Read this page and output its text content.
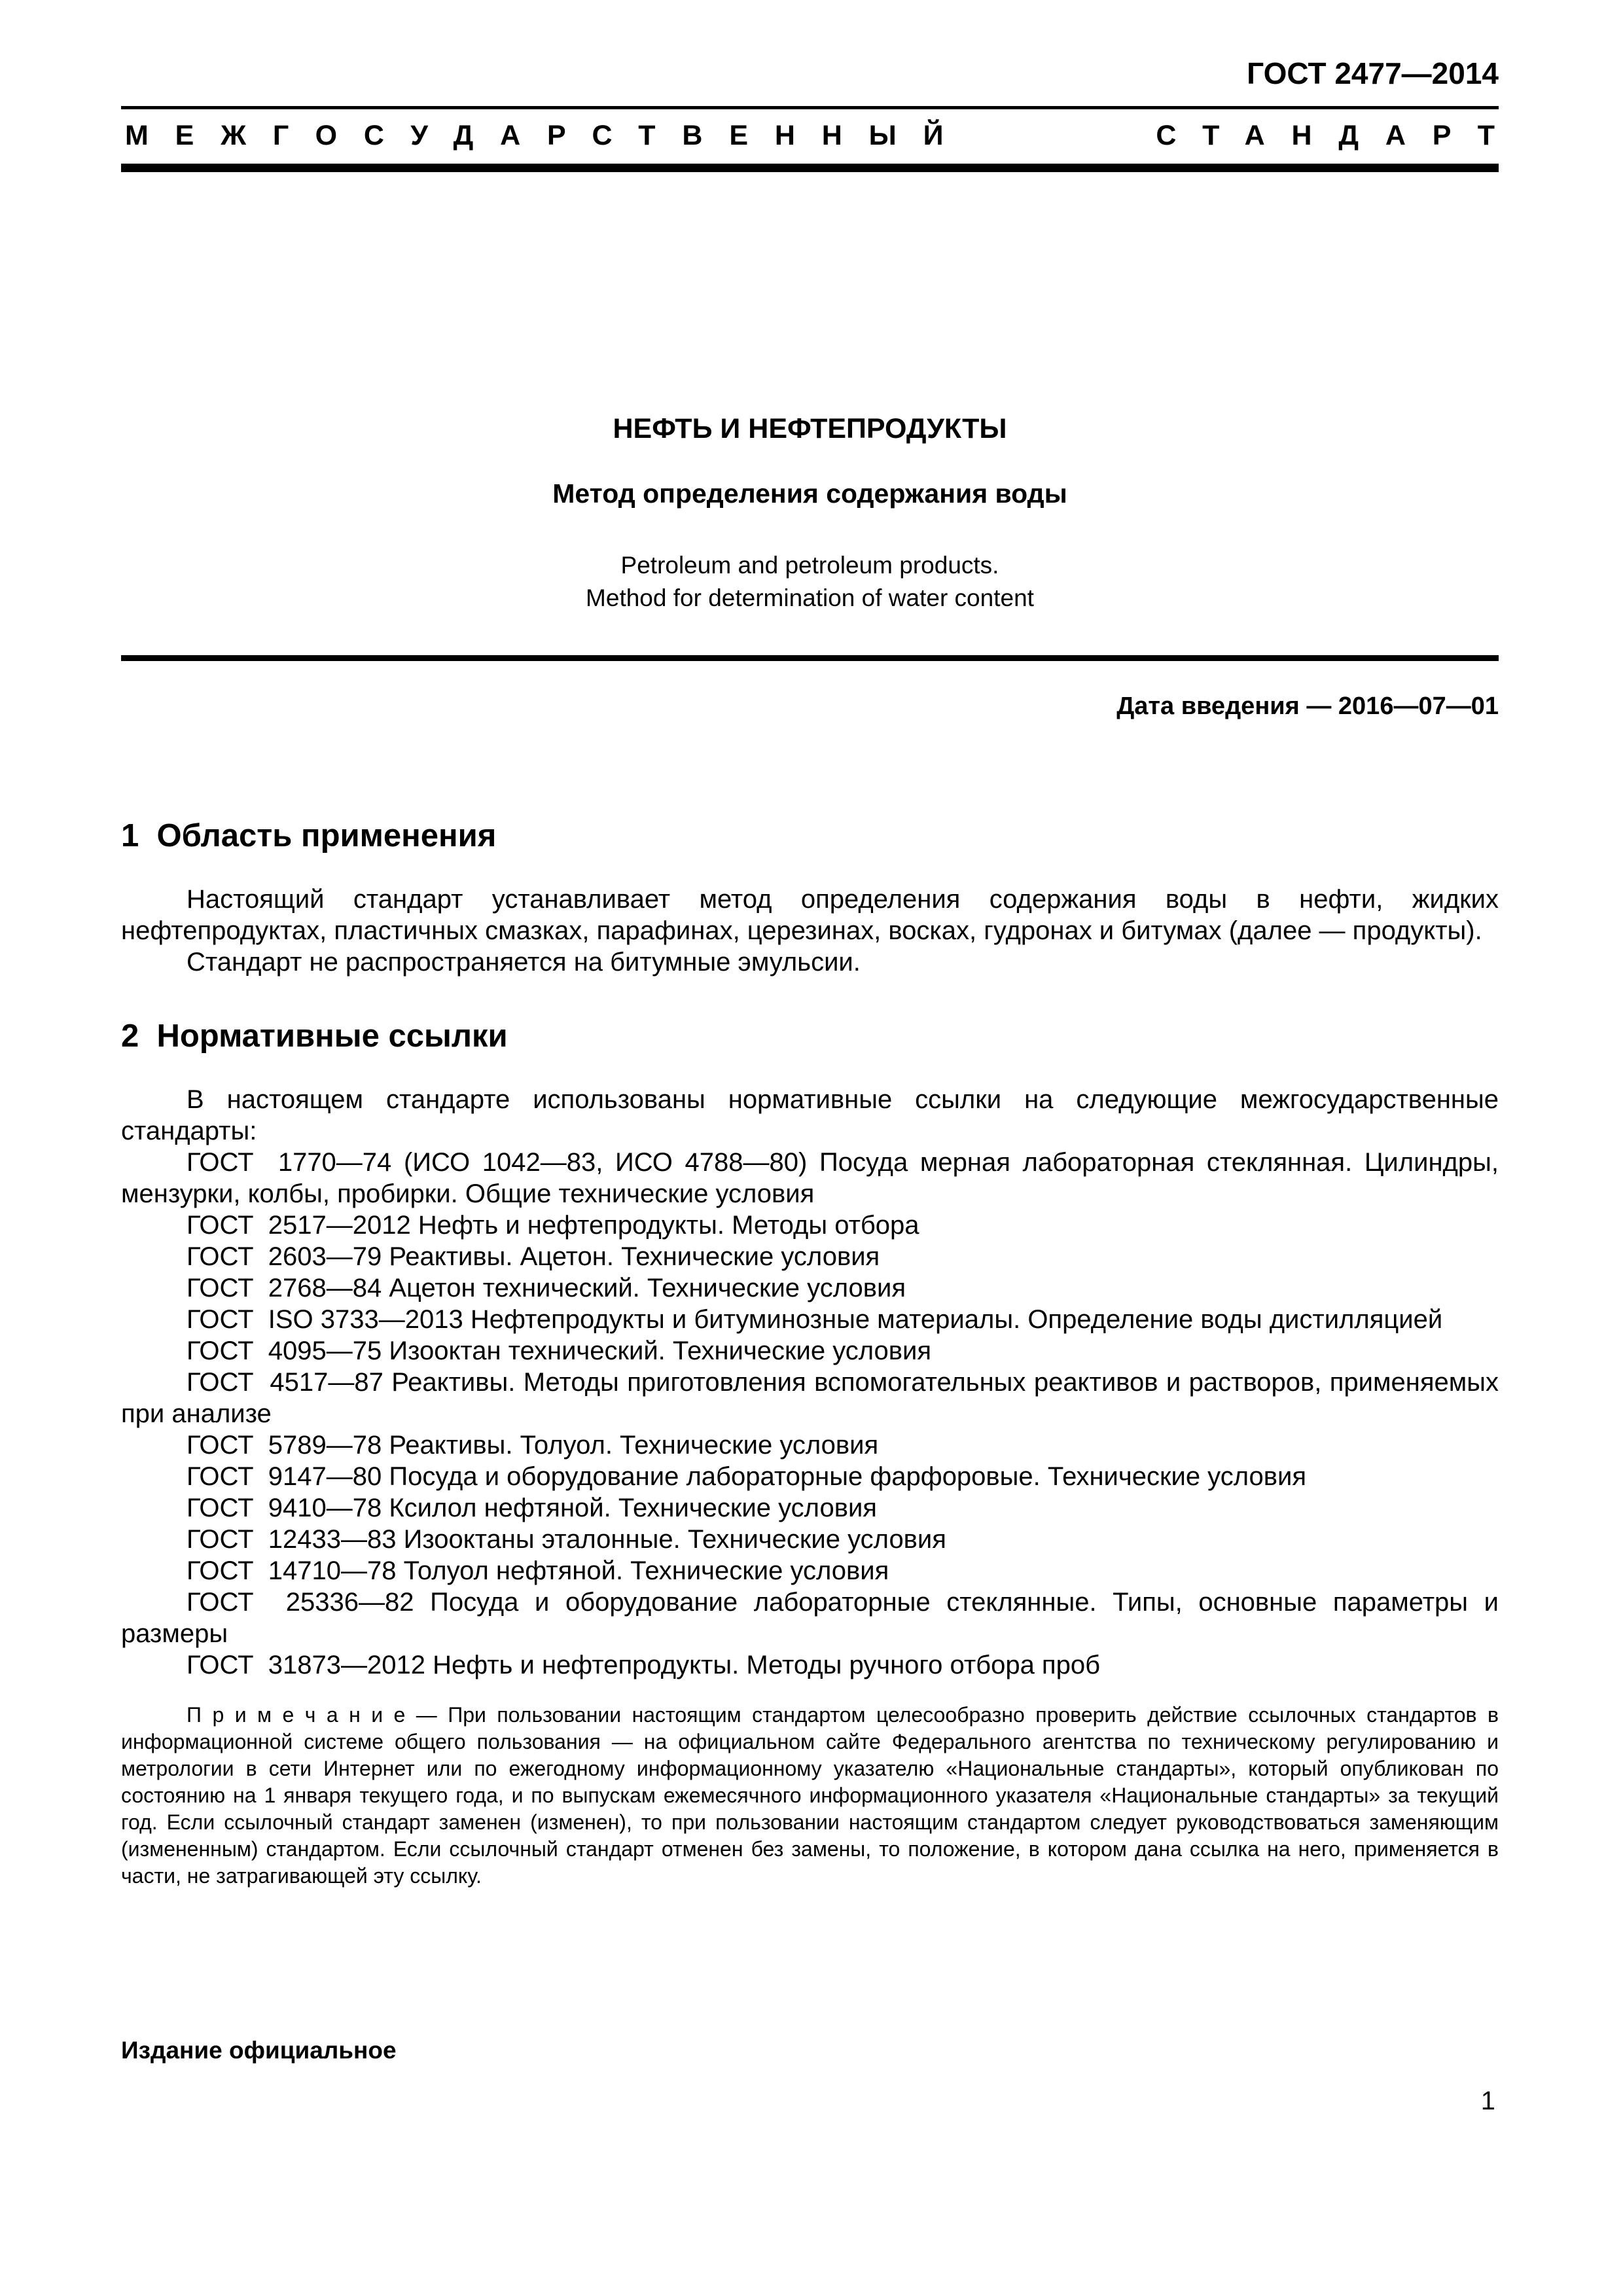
ГОСТ 2477—2014
МЕЖГОСУДАРСТВЕННЫЙ	СТАНДАРТ
НЕФТЬ И НЕФТЕПРОДУКТЫ
Метод определения содержания воды
Petroleum and petroleum products.
Method for determination of water content
Дата введения — 2016—07—01
1  Область применения

Настоящий стандарт устанавливает метод определения содержания воды в нефти, жидких нефтепродуктах, пластичных смазках, парафинах, церезинах, восках, гудронах и битумах (далее — продукты).

Стандарт не распространяется на битумные эмульсии.

2  Нормативные ссылки

В настоящем стандарте использованы нормативные ссылки на следующие межгосударственные стандарты:

ГОСТ  1770—74 (ИСО 1042—83, ИСО 4788—80) Посуда мерная лабораторная стеклянная. Цилиндры, мензурки, колбы, пробирки. Общие технические условия

ГОСТ  2517—2012 Нефть и нефтепродукты. Методы отбора

ГОСТ  2603—79 Реактивы. Ацетон. Технические условия

ГОСТ  2768—84 Ацетон технический. Технические условия

ГОСТ  ISO 3733—2013 Нефтепродукты и битуминозные материалы. Определение воды дистилляцией

ГОСТ  4095—75 Изооктан технический. Технические условия

ГОСТ  4517—87 Реактивы. Методы приготовления вспомогательных реактивов и растворов, применяемых при анализе

ГОСТ  5789—78 Реактивы. Толуол. Технические условия

ГОСТ  9147—80 Посуда и оборудование лабораторные фарфоровые. Технические условия

ГОСТ  9410—78 Ксилол нефтяной. Технические условия

ГОСТ  12433—83 Изооктаны эталонные. Технические условия

ГОСТ  14710—78 Толуол нефтяной. Технические условия

ГОСТ  25336—82 Посуда и оборудование лабораторные стеклянные. Типы, основные параметры и размеры

ГОСТ  31873—2012 Нефть и нефтепродукты. Методы ручного отбора проб

П р и м е ч а н и е — При пользовании настоящим стандартом целесообразно проверить действие ссылочных стандартов в информационной системе общего пользования — на официальном сайте Федерального агентства по техническому регулированию и метрологии в сети Интернет или по ежегодному информационному указателю «Национальные стандарты», который опубликован по состоянию на 1 января текущего года, и по выпускам ежемесячного информационного указателя «Национальные стандарты» за текущий год. Если ссылочный стандарт заменен (изменен), то при пользовании настоящим стандартом следует руководствоваться заменяющим (измененным) стандартом. Если ссылочный стандарт отменен без замены, то положение, в котором дана ссылка на него, применяется в части, не затрагивающей эту ссылку.

Издание официальное
1
